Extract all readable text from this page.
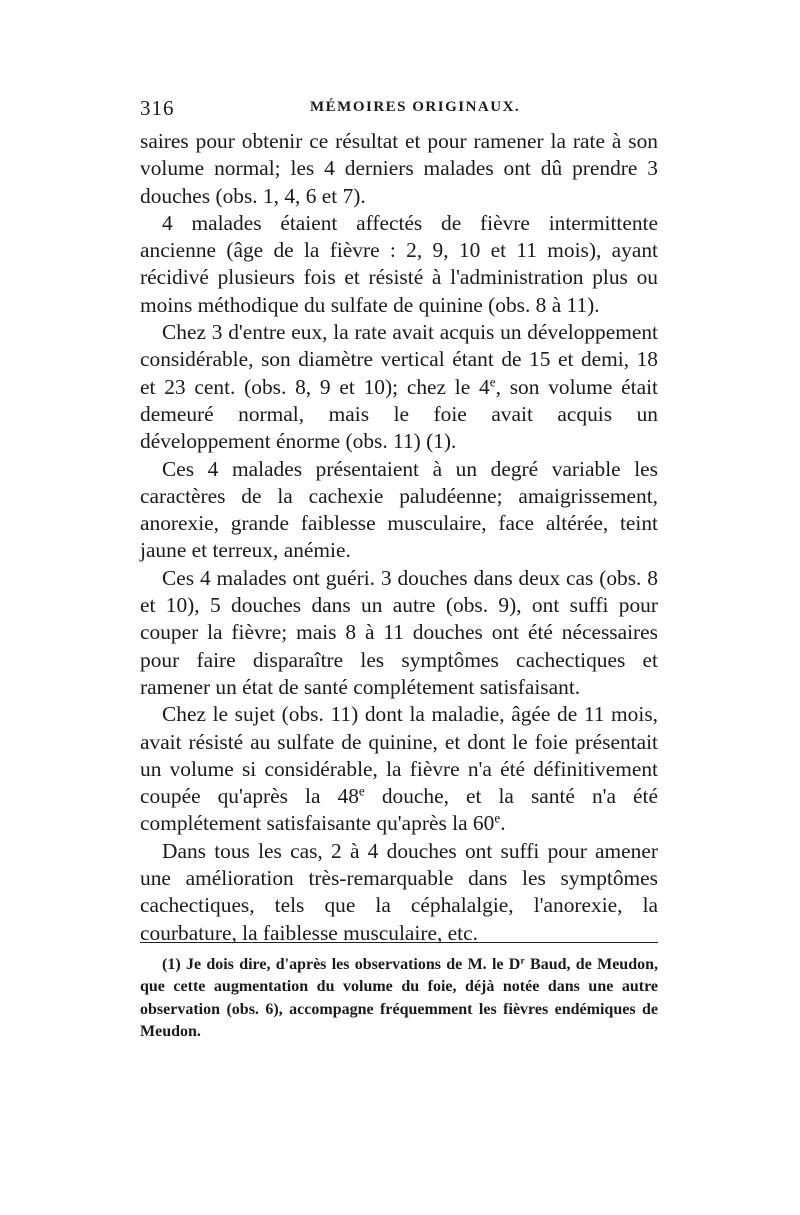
316	MÉMOIRES ORIGINAUX.

saires pour obtenir ce résultat et pour ramener la rate à son volume normal; les 4 derniers malades ont dû prendre 3 douches (obs. 1, 4, 6 et 7).

4 malades étaient affectés de fièvre intermittente ancienne (âge de la fièvre : 2, 9, 10 et 11 mois), ayant récidivé plusieurs fois et résisté à l'administration plus ou moins méthodique du sulfate de quinine (obs. 8 à 11).

Chez 3 d'entre eux, la rate avait acquis un développement considérable, son diamètre vertical étant de 15 et demi, 18 et 23 cent. (obs. 8, 9 et 10); chez le 4e, son volume était demeuré normal, mais le foie avait acquis un développement énorme (obs. 11) (1).

Ces 4 malades présentaient à un degré variable les caractères de la cachexie paludéenne; amaigrissement, anorexie, grande faiblesse musculaire, face altérée, teint jaune et terreux, anémie.

Ces 4 malades ont guéri. 3 douches dans deux cas (obs. 8 et 10), 5 douches dans un autre (obs. 9), ont suffi pour couper la fièvre; mais 8 à 11 douches ont été nécessaires pour faire disparaître les symptômes cachectiques et ramener un état de santé complétement satisfaisant.

Chez le sujet (obs. 11) dont la maladie, âgée de 11 mois, avait résisté au sulfate de quinine, et dont le foie présentait un volume si considérable, la fièvre n'a été définitivement coupée qu'après la 48e douche, et la santé n'a été complétement satisfaisante qu'après la 60e.

Dans tous les cas, 2 à 4 douches ont suffi pour amener une amélioration très-remarquable dans les symptômes cachectiques, tels que la céphalalgie, l'anorexie, la courbature, la faiblesse musculaire, etc.

(1) Je dois dire, d'après les observations de M. le $D^r$ Baud, de Meudon, que cette augmentation du volume du foie, déjà notée dans une autre observation (obs. 6), accompagne fréquemment les fièvres endémiques de Meudon.
